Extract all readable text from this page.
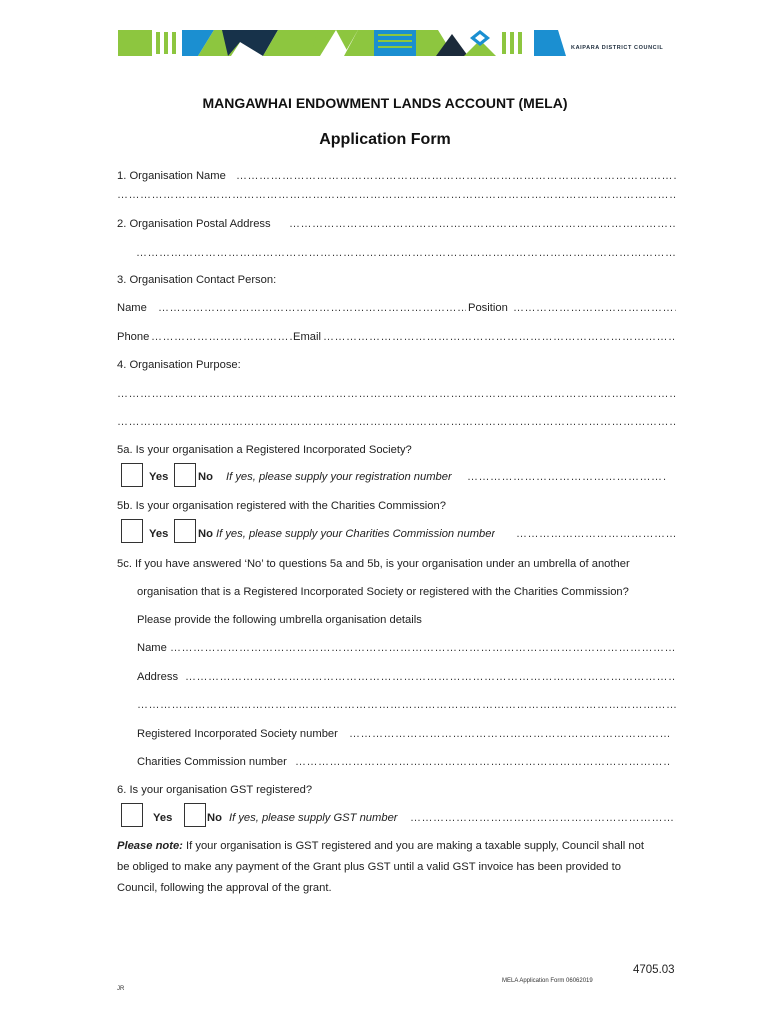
KAIPARA DISTRICT COUNCIL
MANGAWHAI ENDOWMENT LANDS ACCOUNT (MELA)
Application Form
1. Organisation Name
…………………………………………………………………………………………………………………………………………………………………………………………………………………………………………
…………………………………………………………………………………………………………………………………………………………………………………………………………………………………………
2. Organisation Postal Address
…………………………………………………………………………………………………………………………………………………………………………………………………………………………………………
…………………………………………………………………………………………………………………………………………………………………………………………………………………………………………
3. Organisation Contact Person:
Name …………………………………………………………………………………………………………………………………………………………………………………………………………………………………………	Position
…………………………………………………………………………………………………………………………………………………………………………………………………………………………………………
Phone …………………………………………………………………………………………………………………………………………………………………………………………………………………………………………	Email
…………………………………………………………………………………………………………………………………………………………………………………………………………………………………………
4. Organisation Purpose:
…………………………………………………………………………………………………………………………………………………………………………………………………………………………………………
…………………………………………………………………………………………………………………………………………………………………………………………………………………………………………
5a. Is your organisation a Registered Incorporated Society?
Yes	No If yes, please supply your registration number
…………………………………………………………………………………………………………………………………………………………………………………………………………………………………………
5b. Is your organisation registered with the Charities Commission?
Yes	No If yes, please supply your Charities Commission number
…………………………………………………………………………………………………………………………………………………………………………………………………………………………………………
5c. If you have answered ‘No’ to questions 5a and 5b, is your organisation under an umbrella of another
organisation that is a Registered Incorporated Society or registered with the Charities Commission?
Please provide the following umbrella organisation details
Name
…………………………………………………………………………………………………………………………………………………………………………………………………………………………………………
Address
…………………………………………………………………………………………………………………………………………………………………………………………………………………………………………
…………………………………………………………………………………………………………………………………………………………………………………………………………………………………………
Registered Incorporated Society number
…………………………………………………………………………………………………………………………………………………………………………………………………………………………………………
Charities Commission number
…………………………………………………………………………………………………………………………………………………………………………………………………………………………………………
6. Is your organisation GST registered?
Yes	No If yes, please supply GST number
…………………………………………………………………………………………………………………………………………………………………………………………………………………………………………
Please note: If your organisation is GST registered and you are making a taxable supply, Council shall not
be obliged to make any payment of the Grant plus GST until a valid GST invoice has been provided to
Council, following the approval of the grant.
4705.03
MELA Application Form 06062019
JR
